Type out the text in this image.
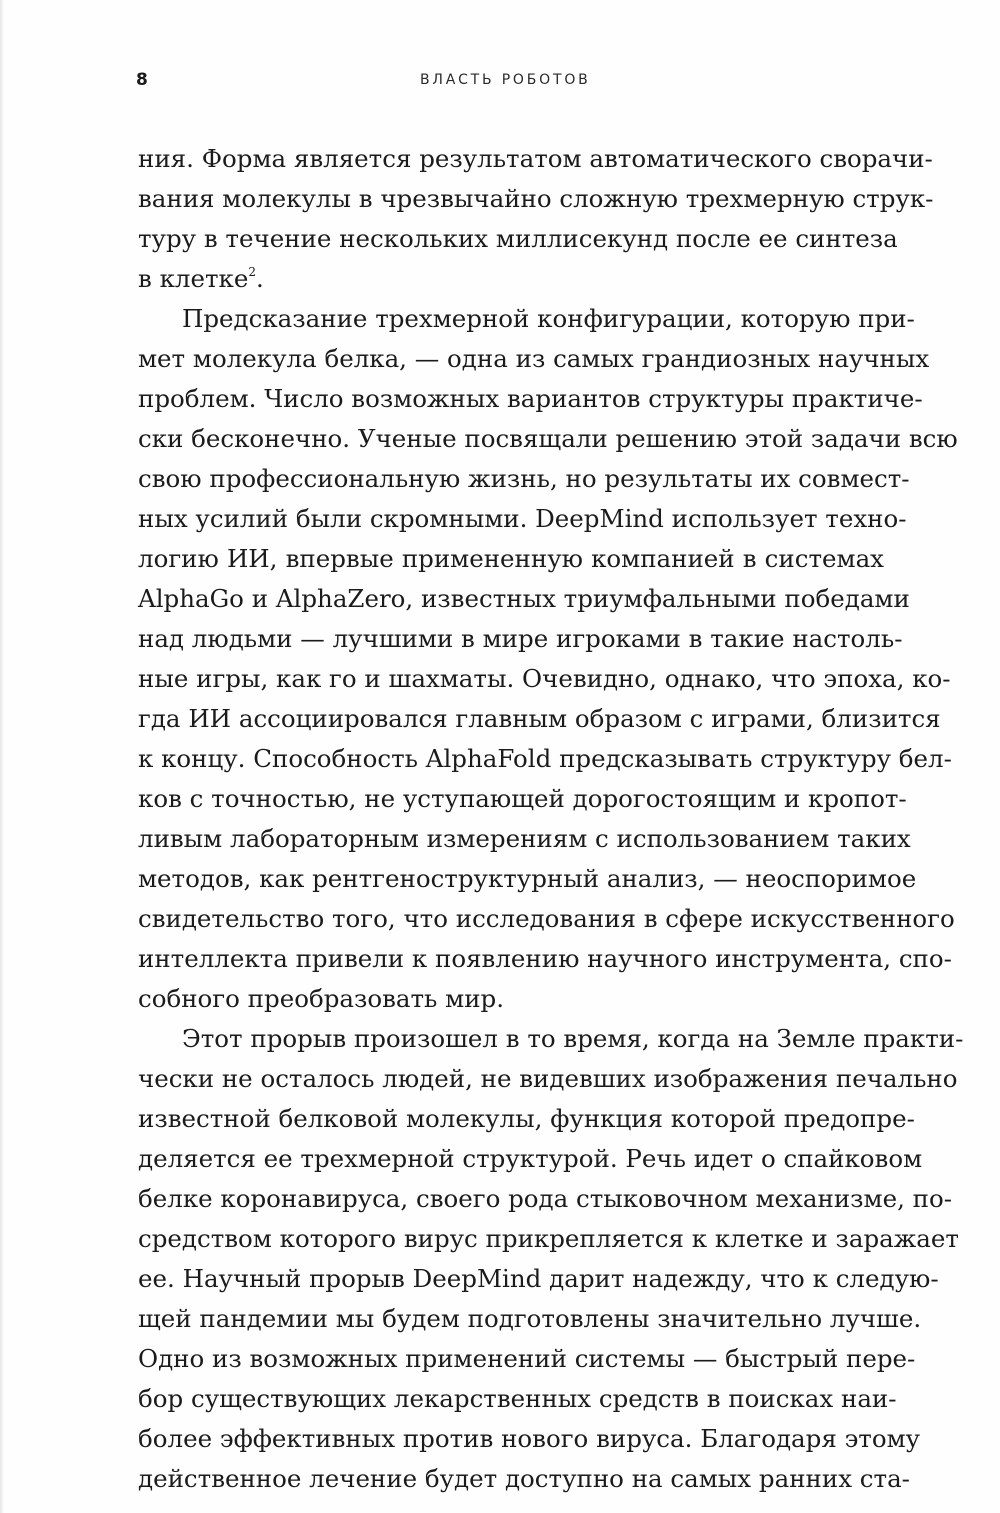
8	ВЛАСТЬ РОБОТОВ

ния. Форма является результатом автоматического сворачи-
вания молекулы в чрезвычайно сложную трехмерную струк-
туру в течение нескольких миллисекунд после ее синтеза
в клетке$^2$.

Предсказание трехмерной конфигурации, которую при-
мет молекула белка, — одна из самых грандиозных научных
проблем. Число возможных вариантов структуры практиче-
ски бесконечно. Ученые посвящали решению этой задачи всю
свою профессиональную жизнь, но результаты их совмест-
ных усилий были скромными. DeepMind использует техно-
логию ИИ, впервые примененную компанией в системах
AlphaGo и AlphaZero, известных триумфальными победами
над людьми — лучшими в мире игроками в такие настоль-
ные игры, как го и шахматы. Очевидно, однако, что эпоха, ко-
гда ИИ ассоциировался главным образом с играми, близится
к концу. Способность AlphaFold предсказывать структуру бел-
ков с точностью, не уступающей дорогостоящим и кропот-
ливым лабораторным измерениям с использованием таких
методов, как рентгеноструктурный анализ, — неоспоримое
свидетельство того, что исследования в сфере искусственного
интеллекта привели к появлению научного инструмента, спо-
собного преобразовать мир.

Этот прорыв произошел в то время, когда на Земле практи-
чески не осталось людей, не видевших изображения печально
известной белковой молекулы, функция которой предопре-
деляется ее трехмерной структурой. Речь идет о спайковом
белке коронавируса, своего рода стыковочном механизме, по-
средством которого вирус прикрепляется к клетке и заражает
ее. Научный прорыв DeepMind дарит надежду, что к следую-
щей пандемии мы будем подготовлены значительно лучше.
Одно из возможных применений системы — быстрый пере-
бор существующих лекарственных средств в поисках наи-
более эффективных против нового вируса. Благодаря этому
действенное лечение будет доступно на самых ранних ста-
